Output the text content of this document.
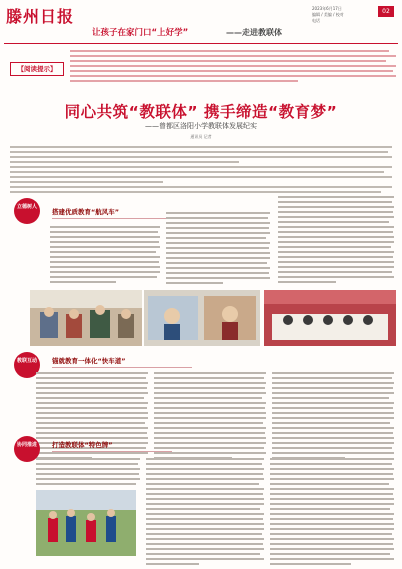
滕州日报
让孩子在家门口“上好学”	——走进教联体
2023年6月17日
编辑 / 美编 / 校对
电话
02
【阅读提示】
同心共筑“教联体” 携手缔造“教育梦”
——曾都区洛阳小学教联体发展纪实
通讯员 记者
立德树人
搭建优质教育“航风车”
教联互动	锚就教育一体化“快车道”
协同推进	打造教联体“特色牌”
